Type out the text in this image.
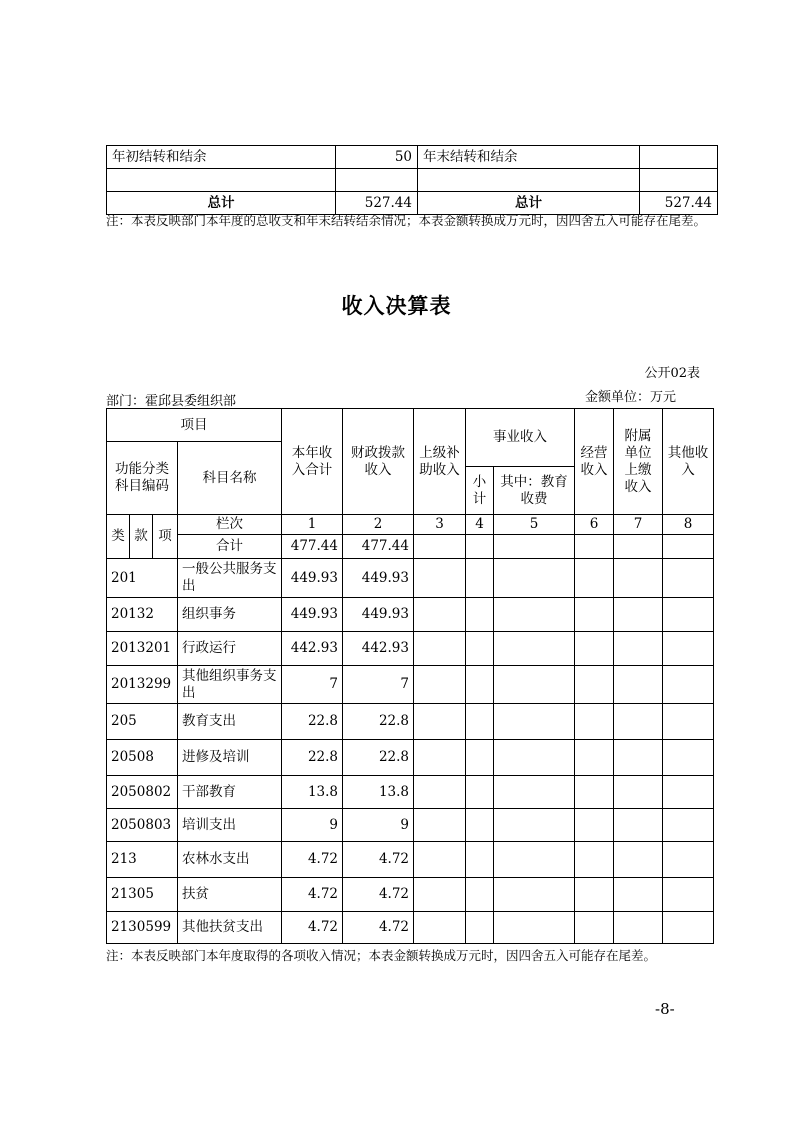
年初结转和结余	50	年末结转和结余	

总计	527.44	总计	527.44
注：本表反映部门本年度的总收支和年末结转结余情况；本表金额转换成万元时，因四舍五入可能存在尾差。
收入决算表
公开02表
部门：霍邱县委组织部	金额单位：万元
项目				本年收入合计	财政拨款收入	上级补助收入	事业收入		经营收入	附属单位上缴收入	其他收入
功能分类科目编码			科目名称								
							小计	其中：教育收费			
类	款	项	栏次	1	2	3	4	5	6	7	8
			合计	477.44	477.44						
201			一般公共服务支出	449.93	449.93						
20132			组织事务	449.93	449.93						
2013201			行政运行	442.93	442.93						
2013299			其他组织事务支出	7	7						
205			教育支出	22.8	22.8						
20508			进修及培训	22.8	22.8						
2050802			干部教育	13.8	13.8						
2050803			培训支出	9	9						
213			农林水支出	4.72	4.72						
21305			扶贫	4.72	4.72						
2130599			其他扶贫支出	4.72	4.72						
注：本表反映部门本年度取得的各项收入情况；本表金额转换成万元时，因四舍五入可能存在尾差。
-8-
